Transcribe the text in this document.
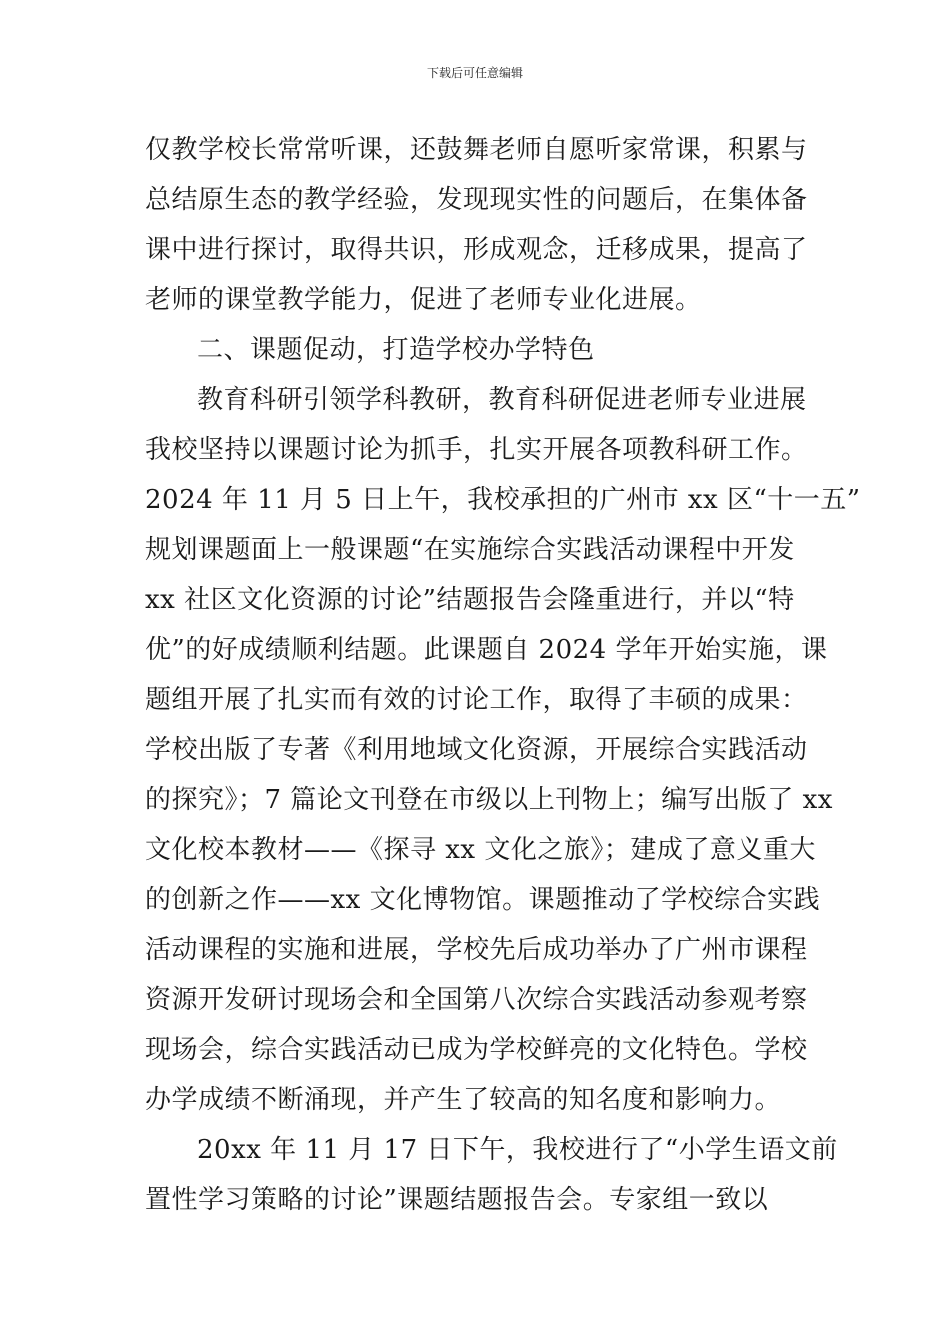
下载后可任意编辑
仅教学校长常常听课，还鼓舞老师自愿听家常课，积累与
总结原生态的教学经验，发现现实性的问题后，在集体备
课中进行探讨，取得共识，形成观念，迁移成果，提高了
老师的课堂教学能力，促进了老师专业化进展。
二、课题促动，打造学校办学特色
教育科研引领学科教研，教育科研促进老师专业进展
我校坚持以课题讨论为抓手，扎实开展各项教科研工作。
2024 年 11 月 5 日上午，我校承担的广州市 xx 区“十一五”
规划课题面上一般课题“在实施综合实践活动课程中开发
xx 社区文化资源的讨论”结题报告会隆重进行，并以“特
优”的好成绩顺利结题。此课题自 2024 学年开始实施，课
题组开展了扎实而有效的讨论工作，取得了丰硕的成果：
学校出版了专著《利用地域文化资源，开展综合实践活动
的探究》；7 篇论文刊登在市级以上刊物上；编写出版了 xx
文化校本教材——《探寻 xx 文化之旅》；建成了意义重大
的创新之作——xx 文化博物馆。课题推动了学校综合实践
活动课程的实施和进展，学校先后成功举办了广州市课程
资源开发研讨现场会和全国第八次综合实践活动参观考察
现场会，综合实践活动已成为学校鲜亮的文化特色。学校
办学成绩不断涌现，并产生了较高的知名度和影响力。
20xx 年 11 月 17 日下午，我校进行了“小学生语文前
置性学习策略的讨论”课题结题报告会。专家组一致以
